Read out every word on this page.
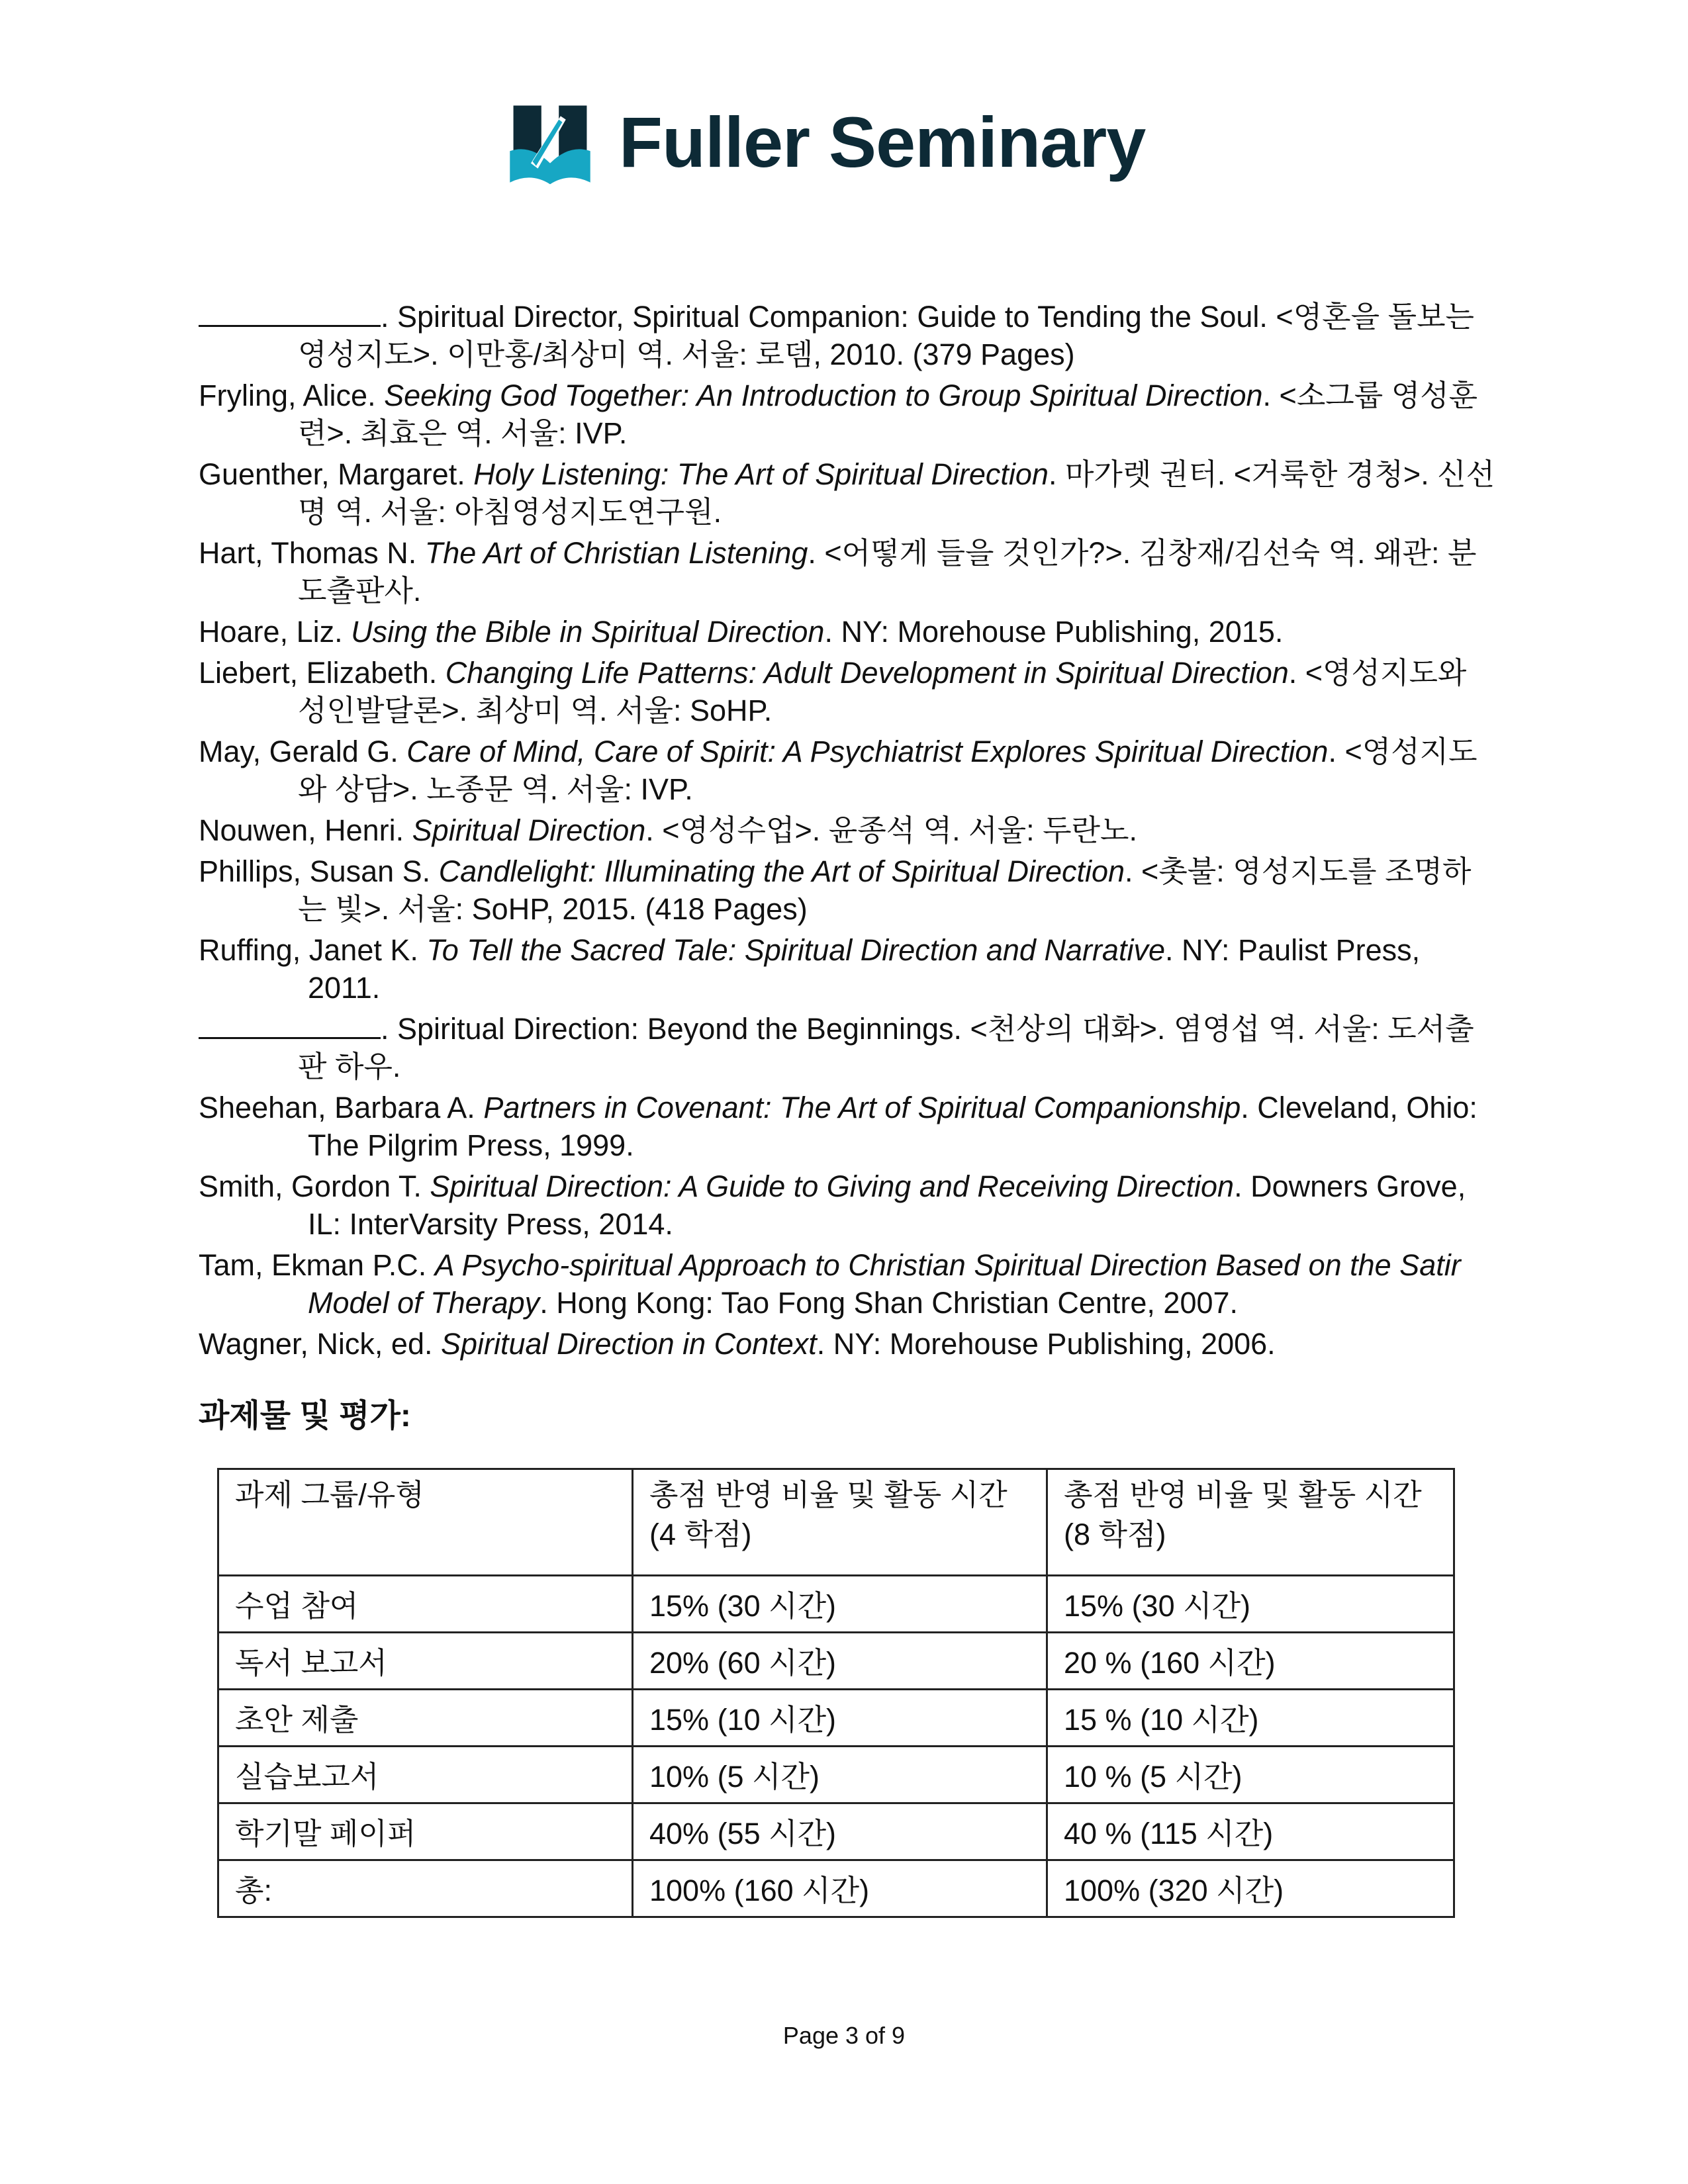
Fuller Seminary

. Spiritual Director, Spiritual Companion: Guide to Tending the Soul. <영혼을 돌보는 영성지도>. 이만홍/최상미 역. 서울: 로뎀, 2010. (379 Pages)

Fryling, Alice. Seeking God Together: An Introduction to Group Spiritual Direction. <소그룹 영성훈련>. 최효은 역. 서울: IVP.

Guenther, Margaret. Holy Listening: The Art of Spiritual Direction. 마가렛 권터. <거룩한 경청>. 신선명 역. 서울: 아침영성지도연구원.

Hart, Thomas N. The Art of Christian Listening. <어떻게 들을 것인가?>. 김창재/김선숙 역. 왜관: 분도출판사.

Hoare, Liz. Using the Bible in Spiritual Direction. NY: Morehouse Publishing, 2015.

Liebert, Elizabeth. Changing Life Patterns: Adult Development in Spiritual Direction. <영성지도와 성인발달론>. 최상미 역. 서울: SoHP.

May, Gerald G. Care of Mind, Care of Spirit: A Psychiatrist Explores Spiritual Direction. <영성지도와 상담>. 노종문 역. 서울: IVP.

Nouwen, Henri. Spiritual Direction. <영성수업>. 윤종석 역. 서울: 두란노.

Phillips, Susan S. Candlelight: Illuminating the Art of Spiritual Direction. <촛불: 영성지도를 조명하는 빛>. 서울: SoHP, 2015. (418 Pages)

Ruffing, Janet K. To Tell the Sacred Tale: Spiritual Direction and Narrative. NY: Paulist Press, 2011.

. Spiritual Direction: Beyond the Beginnings. <천상의 대화>. 염영섭 역. 서울: 도서출판 하우.

Sheehan, Barbara A. Partners in Covenant: The Art of Spiritual Companionship. Cleveland, Ohio: The Pilgrim Press, 1999.

Smith, Gordon T. Spiritual Direction: A Guide to Giving and Receiving Direction. Downers Grove, IL: InterVarsity Press, 2014.

Tam, Ekman P.C. A Psycho-spiritual Approach to Christian Spiritual Direction Based on the Satir Model of Therapy. Hong Kong: Tao Fong Shan Christian Centre, 2007.

Wagner, Nick, ed. Spiritual Direction in Context. NY: Morehouse Publishing, 2006.

과제물 및 평가:
과제 그룹/유형	총점 반영 비율 및 활동 시간 (4 학점)	총점 반영 비율 및 활동 시간 (8 학점)
수업 참여	15% (30 시간)	15% (30 시간)
독서 보고서	20% (60 시간)	20 % (160 시간)
초안 제출	15% (10 시간)	15 % (10 시간)
실습보고서	10% (5 시간)	10 % (5 시간)
학기말 페이퍼	40% (55 시간)	40 % (115 시간)
총:	100% (160 시간)	100% (320 시간)
Page 3 of 9
